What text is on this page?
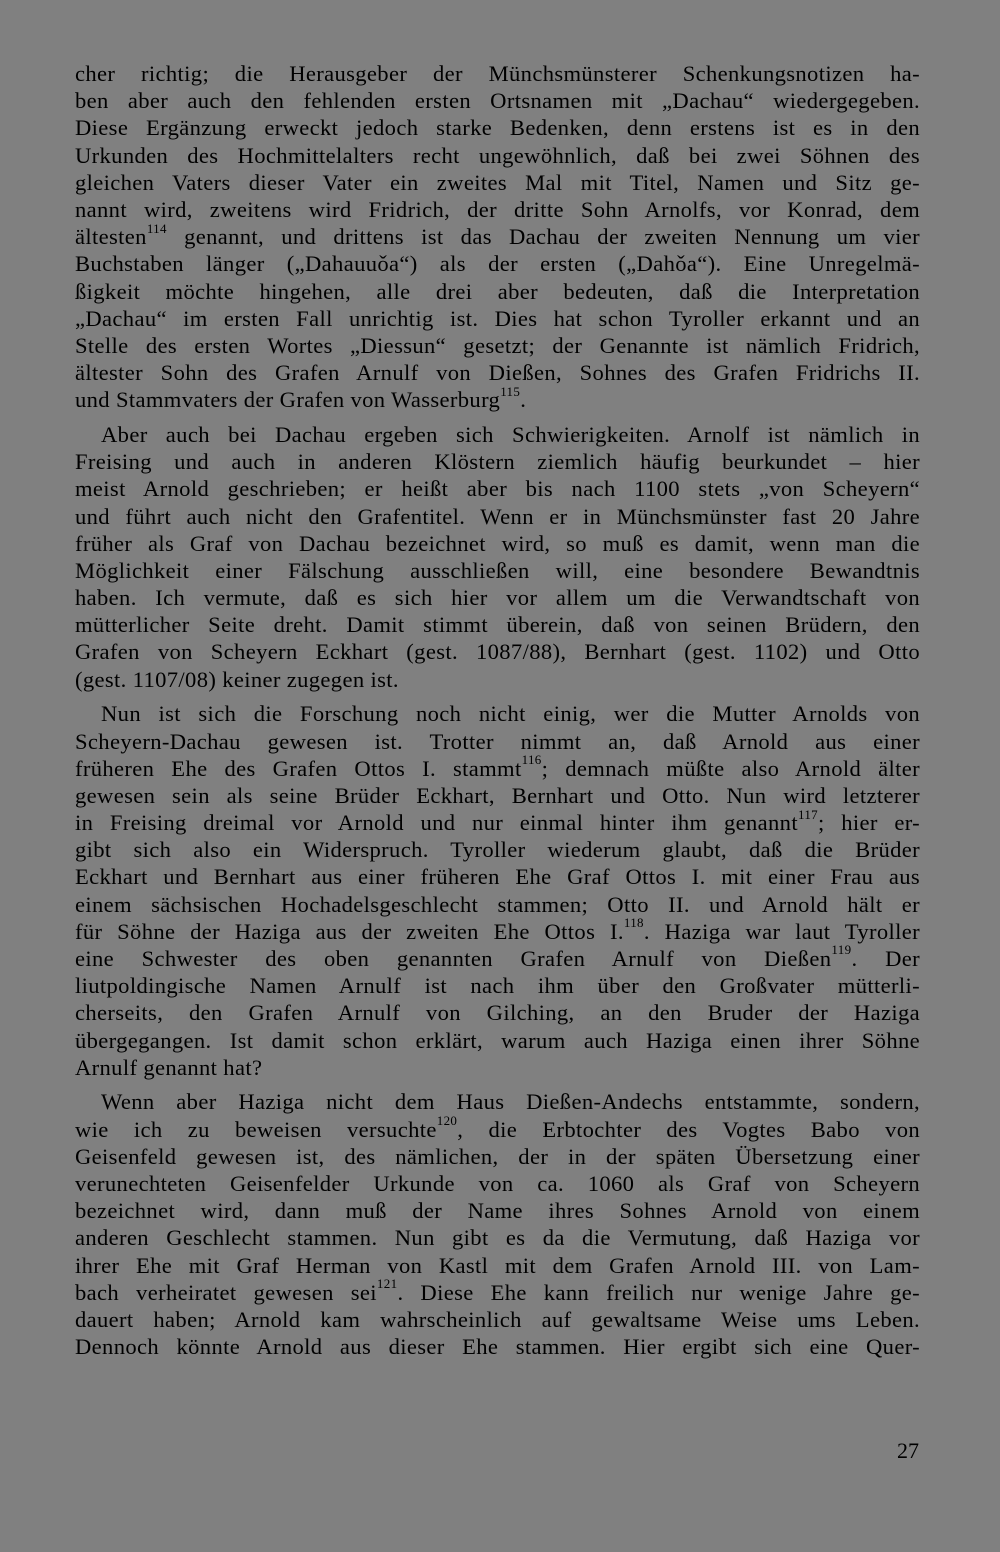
cher richtig; die Herausgeber der Münchsmünsterer Schenkungsnotizen ha-
ben aber auch den fehlenden ersten Ortsnamen mit „Dachau“ wiedergegeben.
Diese Ergänzung erweckt jedoch starke Bedenken, denn erstens ist es in den
Urkunden des Hochmittelalters recht ungewöhnlich, daß bei zwei Söhnen des
gleichen Vaters dieser Vater ein zweites Mal mit Titel, Namen und Sitz ge-
nannt wird, zweitens wird Fridrich, der dritte Sohn Arnolfs, vor Konrad, dem
ältesten$^{114}$ genannt, und drittens ist das Dachau der zweiten Nennung um vier
Buchstaben länger („Dahauuǒa“) als der ersten („Dahǒa“). Eine Unregelmä-
ßigkeit möchte hingehen, alle drei aber bedeuten, daß die Interpretation
„Dachau“ im ersten Fall unrichtig ist. Dies hat schon Tyroller erkannt und an
Stelle des ersten Wortes „Diessun“ gesetzt; der Genannte ist nämlich Fridrich,
ältester Sohn des Grafen Arnulf von Dießen, Sohnes des Grafen Fridrichs II.
und Stammvaters der Grafen von Wasserburg$^{115}$.
Aber auch bei Dachau ergeben sich Schwierigkeiten. Arnolf ist nämlich in
Freising und auch in anderen Klöstern ziemlich häufig beurkundet – hier
meist Arnold geschrieben; er heißt aber bis nach 1100 stets „von Scheyern“
und führt auch nicht den Grafentitel. Wenn er in Münchsmünster fast 20 Jahre
früher als Graf von Dachau bezeichnet wird, so muß es damit, wenn man die
Möglichkeit einer Fälschung ausschließen will, eine besondere Bewandtnis
haben. Ich vermute, daß es sich hier vor allem um die Verwandtschaft von
mütterlicher Seite dreht. Damit stimmt überein, daß von seinen Brüdern, den
Grafen von Scheyern Eckhart (gest. 1087/88), Bernhart (gest. 1102) und Otto
(gest. 1107/08) keiner zugegen ist.
Nun ist sich die Forschung noch nicht einig, wer die Mutter Arnolds von
Scheyern-Dachau gewesen ist. Trotter nimmt an, daß Arnold aus einer
früheren Ehe des Grafen Ottos I. stammt$^{116}$; demnach müßte also Arnold älter
gewesen sein als seine Brüder Eckhart, Bernhart und Otto. Nun wird letzterer
in Freising dreimal vor Arnold und nur einmal hinter ihm genannt$^{117}$; hier er-
gibt sich also ein Widerspruch. Tyroller wiederum glaubt, daß die Brüder
Eckhart und Bernhart aus einer früheren Ehe Graf Ottos I. mit einer Frau aus
einem sächsischen Hochadelsgeschlecht stammen; Otto II. und Arnold hält er
für Söhne der Haziga aus der zweiten Ehe Ottos I.$^{118}$. Haziga war laut Tyroller
eine Schwester des oben genannten Grafen Arnulf von Dießen$^{119}$. Der
liutpoldingische Namen Arnulf ist nach ihm über den Großvater mütterli-
cherseits, den Grafen Arnulf von Gilching, an den Bruder der Haziga
übergegangen. Ist damit schon erklärt, warum auch Haziga einen ihrer Söhne
Arnulf genannt hat?
Wenn aber Haziga nicht dem Haus Dießen-Andechs entstammte, sondern,
wie ich zu beweisen versuchte$^{120}$, die Erbtochter des Vogtes Babo von
Geisenfeld gewesen ist, des nämlichen, der in der späten Übersetzung einer
verunechteten Geisenfelder Urkunde von ca. 1060 als Graf von Scheyern
bezeichnet wird, dann muß der Name ihres Sohnes Arnold von einem
anderen Geschlecht stammen. Nun gibt es da die Vermutung, daß Haziga vor
ihrer Ehe mit Graf Herman von Kastl mit dem Grafen Arnold III. von Lam-
bach verheiratet gewesen sei$^{121}$. Diese Ehe kann freilich nur wenige Jahre ge-
dauert haben; Arnold kam wahrscheinlich auf gewaltsame Weise ums Leben.
Dennoch könnte Arnold aus dieser Ehe stammen. Hier ergibt sich eine Quer-
27
